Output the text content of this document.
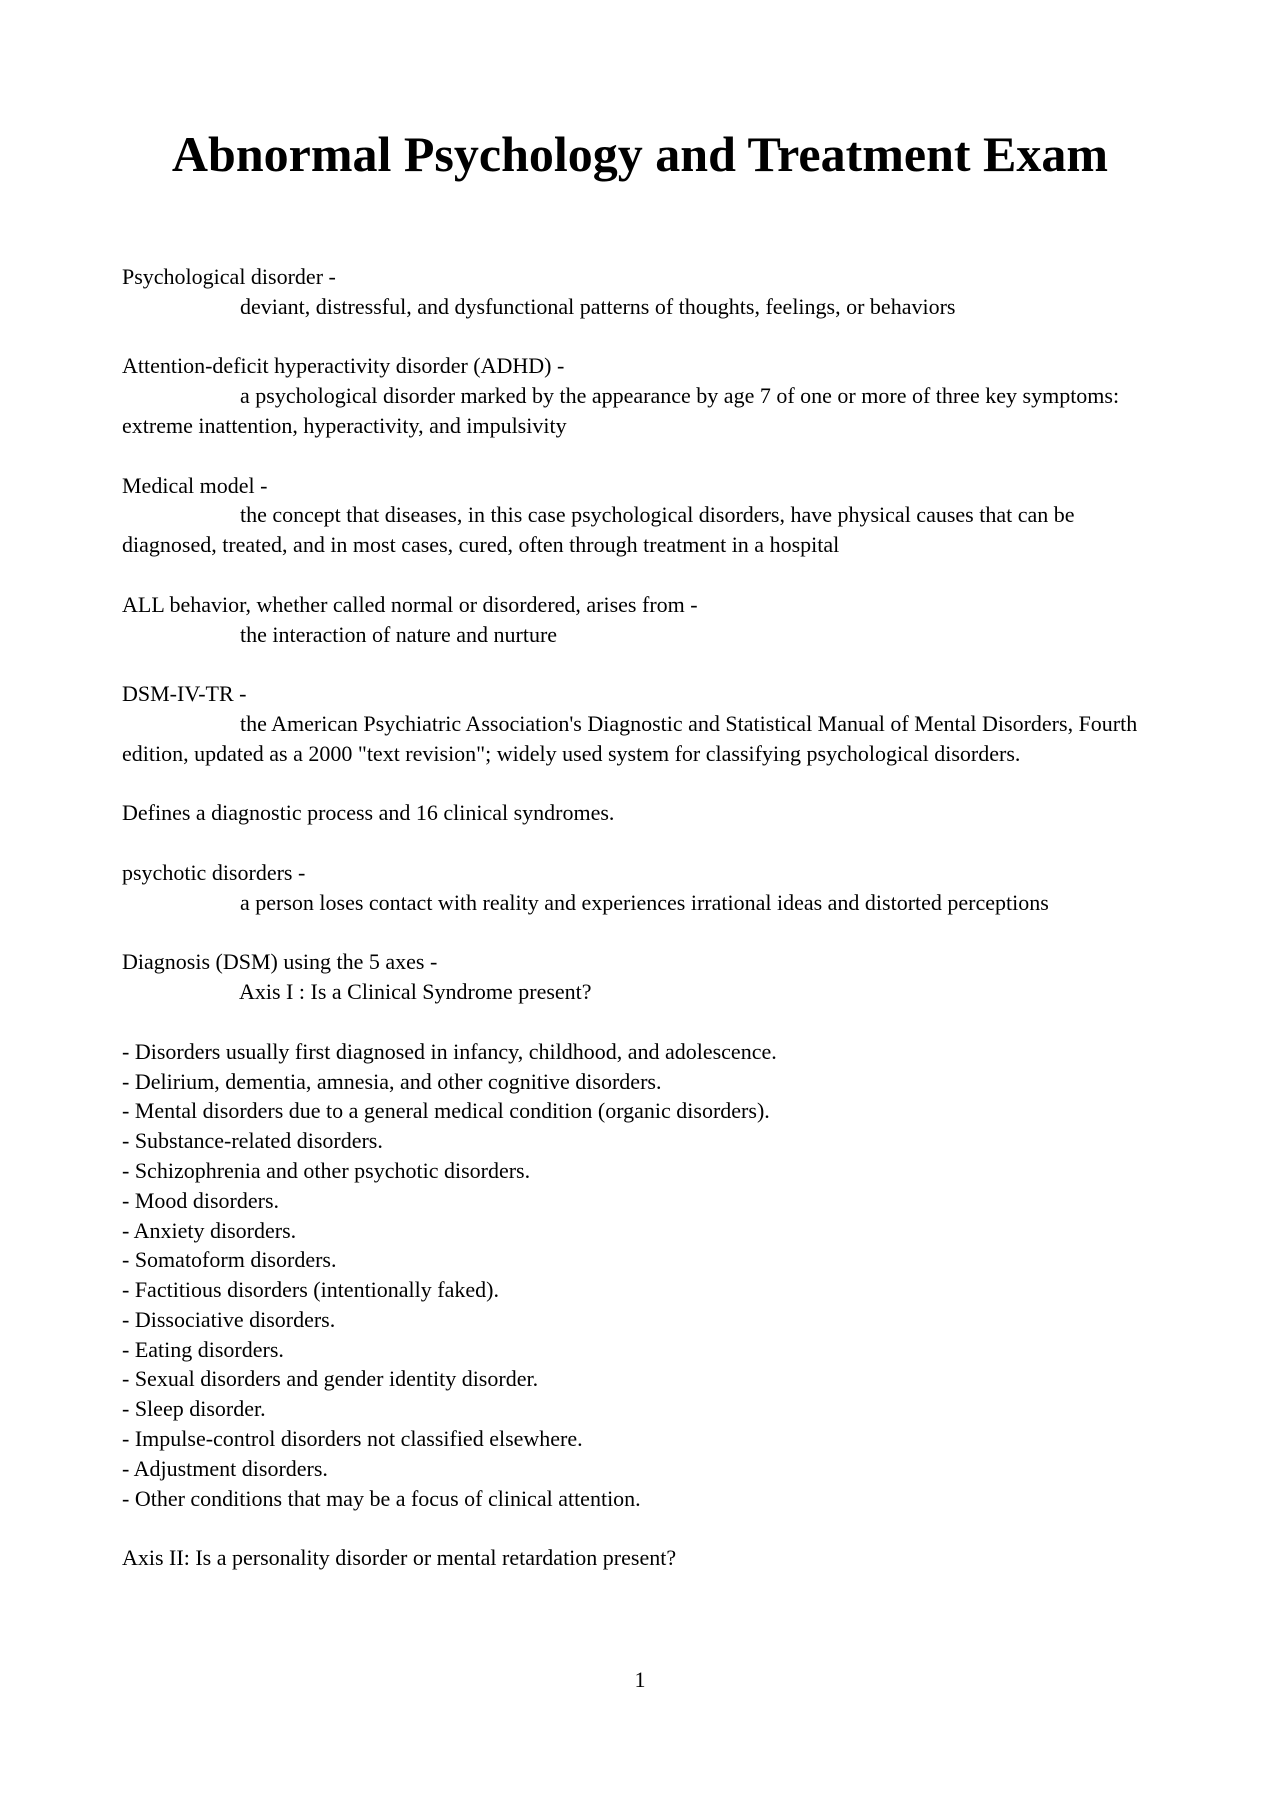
Abnormal Psychology and Treatment Exam
Psychological disorder -
deviant, distressful, and dysfunctional patterns of thoughts, feelings, or behaviors
Attention-deficit hyperactivity disorder (ADHD) -
a psychological disorder marked by the appearance by age 7 of one or more of three key symptoms: extreme inattention, hyperactivity, and impulsivity
Medical model -
the concept that diseases, in this case psychological disorders, have physical causes that can be diagnosed, treated, and in most cases, cured, often through treatment in a hospital
ALL behavior, whether called normal or disordered, arises from -
the interaction of nature and nurture
DSM-IV-TR -
the American Psychiatric Association's Diagnostic and Statistical Manual of Mental Disorders, Fourth edition, updated as a 2000 "text revision"; widely used system for classifying psychological disorders.
Defines a diagnostic process and 16 clinical syndromes.
psychotic disorders -
a person loses contact with reality and experiences irrational ideas and distorted perceptions
Diagnosis (DSM) using the 5 axes -
Axis I : Is a Clinical Syndrome present?
- Disorders usually first diagnosed in infancy, childhood, and adolescence.
- Delirium, dementia, amnesia, and other cognitive disorders.
- Mental disorders due to a general medical condition (organic disorders).
- Substance-related disorders.
- Schizophrenia and other psychotic disorders.
- Mood disorders.
- Anxiety disorders.
- Somatoform disorders.
- Factitious disorders (intentionally faked).
- Dissociative disorders.
- Eating disorders.
- Sexual disorders and gender identity disorder.
- Sleep disorder.
- Impulse-control disorders not classified elsewhere.
- Adjustment disorders.
- Other conditions that may be a focus of clinical attention.
Axis II: Is a personality disorder or mental retardation present?
1
